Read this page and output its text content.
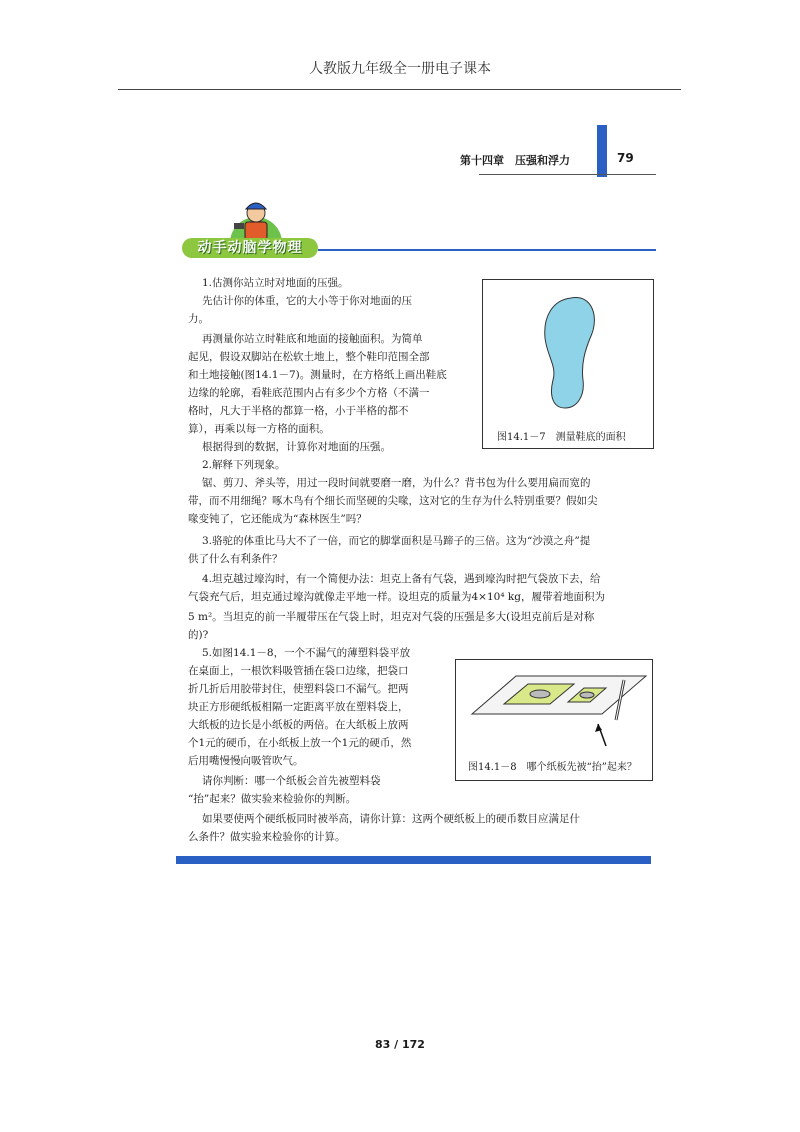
人教版九年级全一册电子课本
第十四章　压强和浮力	79
动手动脑学物理
1.估测你站立时对地面的压强。
先估计你的体重，它的大小等于你对地面的压
力。
再测量你站立时鞋底和地面的接触面积。为简单
起见，假设双脚站在松软土地上，整个鞋印范围全部
和土地接触(图14.1－7)。测量时，在方格纸上画出鞋底
边缘的轮廓，看鞋底范围内占有多少个方格（不满一
格时，凡大于半格的都算一格，小于半格的都不
算），再乘以每一方格的面积。
根据得到的数据，计算你对地面的压强。
2.解释下列现象。
锯、剪刀、斧头等，用过一段时间就要磨一磨，为什么？背书包为什么要用扁而宽的
带，而不用细绳？啄木鸟有个细长而坚硬的尖喙，这对它的生存为什么特别重要？假如尖
喙变钝了，它还能成为“森林医生”吗？
3.骆驼的体重比马大不了一倍，而它的脚掌面积是马蹄子的三倍。这为“沙漠之舟”提
供了什么有利条件？
4.坦克越过壕沟时，有一个简便办法：坦克上备有气袋，遇到壕沟时把气袋放下去，给
气袋充气后，坦克通过壕沟就像走平地一样。设坦克的质量为4×10⁴ kg，履带着地面积为
5 m²。当坦克的前一半履带压在气袋上时，坦克对气袋的压强是多大(设坦克前后是对称
的)?
5.如图14.1－8，一个不漏气的薄塑料袋平放
在桌面上，一根饮料吸管插在袋口边缘，把袋口
折几折后用胶带封住，使塑料袋口不漏气。把两
块正方形硬纸板相隔一定距离平放在塑料袋上，
大纸板的边长是小纸板的两倍。在大纸板上放两
个1元的硬币，在小纸板上放一个1元的硬币，然
后用嘴慢慢向吸管吹气。
请你判断：哪一个纸板会首先被塑料袋
“抬”起来？做实验来检验你的判断。
如果要使两个硬纸板同时被举高，请你计算：这两个硬纸板上的硬币数目应满足什
么条件？做实验来检验你的计算。
图14.1－7　测量鞋底的面积
图14.1－8　哪个纸板先被“抬”起来？
83 / 172
